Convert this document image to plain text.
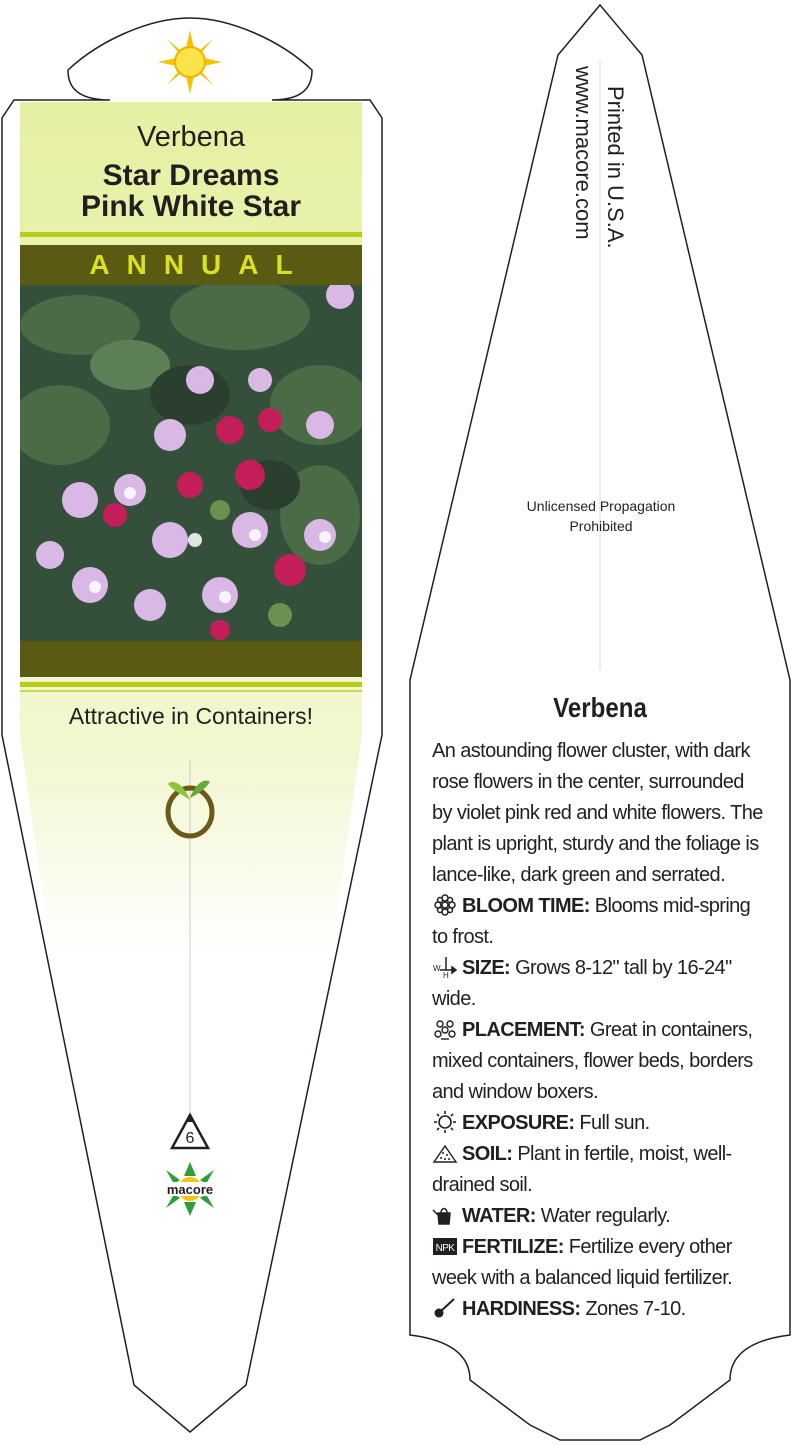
Verbena
Star Dreams
Pink White Star
ANNUAL
Attractive in Containers!
6
macore
Printed in U.S.A.
www.macore.com
Unlicensed Propagation
Prohibited
Verbena

An astounding flower cluster, with dark rose flowers in the center, surrounded by violet pink red and white flowers. The plant is upright, sturdy and the foliage is lance-like, dark green and serrated.

BLOOM TIME: Blooms mid-spring to frost.

W
H SIZE: Grows 8-12" tall by 16-24" wide.

PLACEMENT: Great in containers, mixed containers, flower beds, borders and window boxers.

EXPOSURE: Full sun.

SOIL: Plant in fertile, moist, well-drained soil.

WATER: Water regularly.

NPK FERTILIZE: Fertilize every other week with a balanced liquid fertilizer.

HARDINESS: Zones 7-10.
